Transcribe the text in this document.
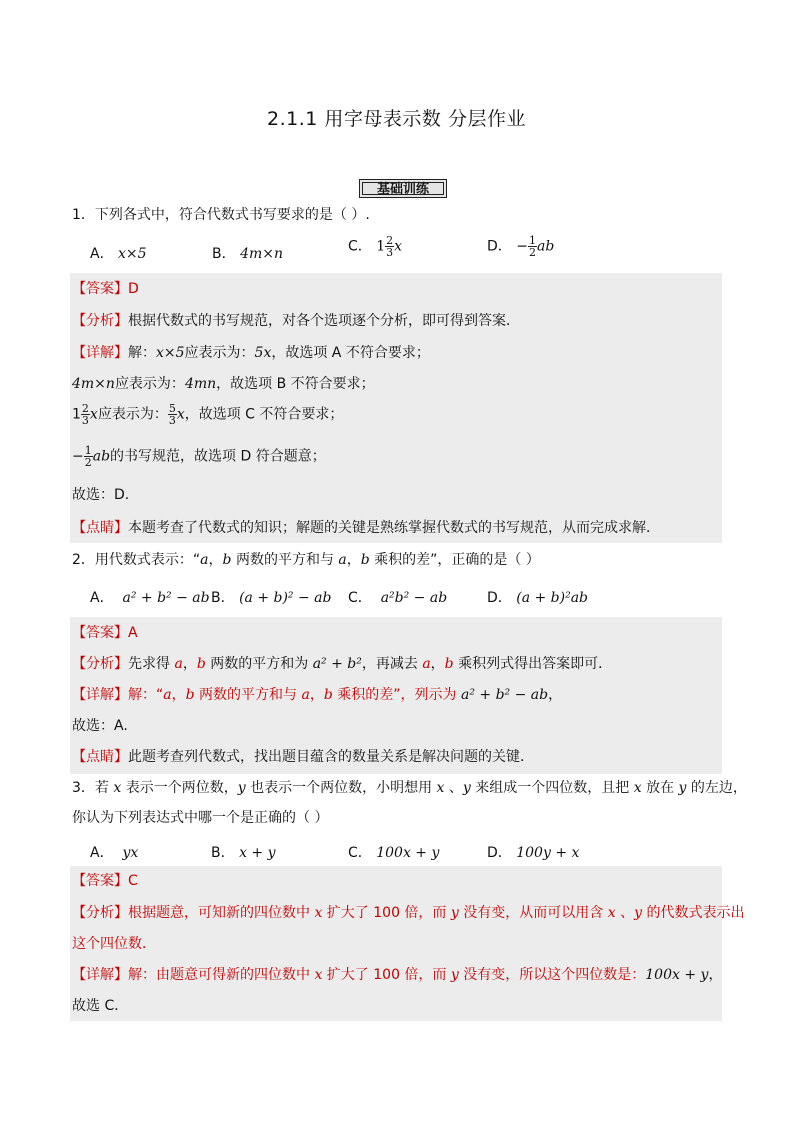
2.1.1 用字母表示数 分层作业
基础训练
1．下列各式中，符合代数式书写要求的是（ ）.
A． x×5	B． 4m×n	C． $1 \frac{2}{3}$ x	D． − $\frac{1}{2}$ ab
【答案】D
【分析】根据代数式的书写规范，对各个选项逐个分析，即可得到答案．
【详解】解：x×5应表示为：5x，故选项 A 不符合要求；
4m×n应表示为：4mn，故选项 B 不符合要求；
$1 \frac{2}{3}$ x应表示为： $\frac{5}{3}$ x，故选项 C 不符合要求；
− $\frac{1}{2}$ ab的书写规范，故选项 D 符合题意；
故选：D.
【点睛】本题考查了代数式的知识；解题的关键是熟练掌握代数式的书写规范，从而完成求解．
2．用代数式表示：“a，b 两数的平方和与 a，b 乘积的差”，正确的是（ ）
A． a² + b² − ab B． (a + b)² − ab C． a²b² − ab	D． (a + b)²ab
【答案】A
【分析】先求得 a，b 两数的平方和为 a² + b²，再减去 a，b 乘积列式得出答案即可．
【详解】解：“a，b 两数的平方和与 a，b 乘积的差”，列示为 a² + b² − ab，
故选：A.
【点睛】此题考查列代数式，找出题目蕴含的数量关系是解决问题的关键．
3．若 x 表示一个两位数，y 也表示一个两位数，小明想用 x 、y 来组成一个四位数，且把 x 放在 y 的左边，
你认为下列表达式中哪一个是正确的（ ）
A． yx	B． x + y	C． 100x + y	D． 100y + x
【答案】C
【分析】根据题意，可知新的四位数中 x 扩大了 100 倍，而 y 没有变，从而可以用含 x 、y 的代数式表示出
这个四位数．
【详解】解：由题意可得新的四位数中 x 扩大了 100 倍，而 y 没有变，所以这个四位数是：100x + y，
故选 C．
